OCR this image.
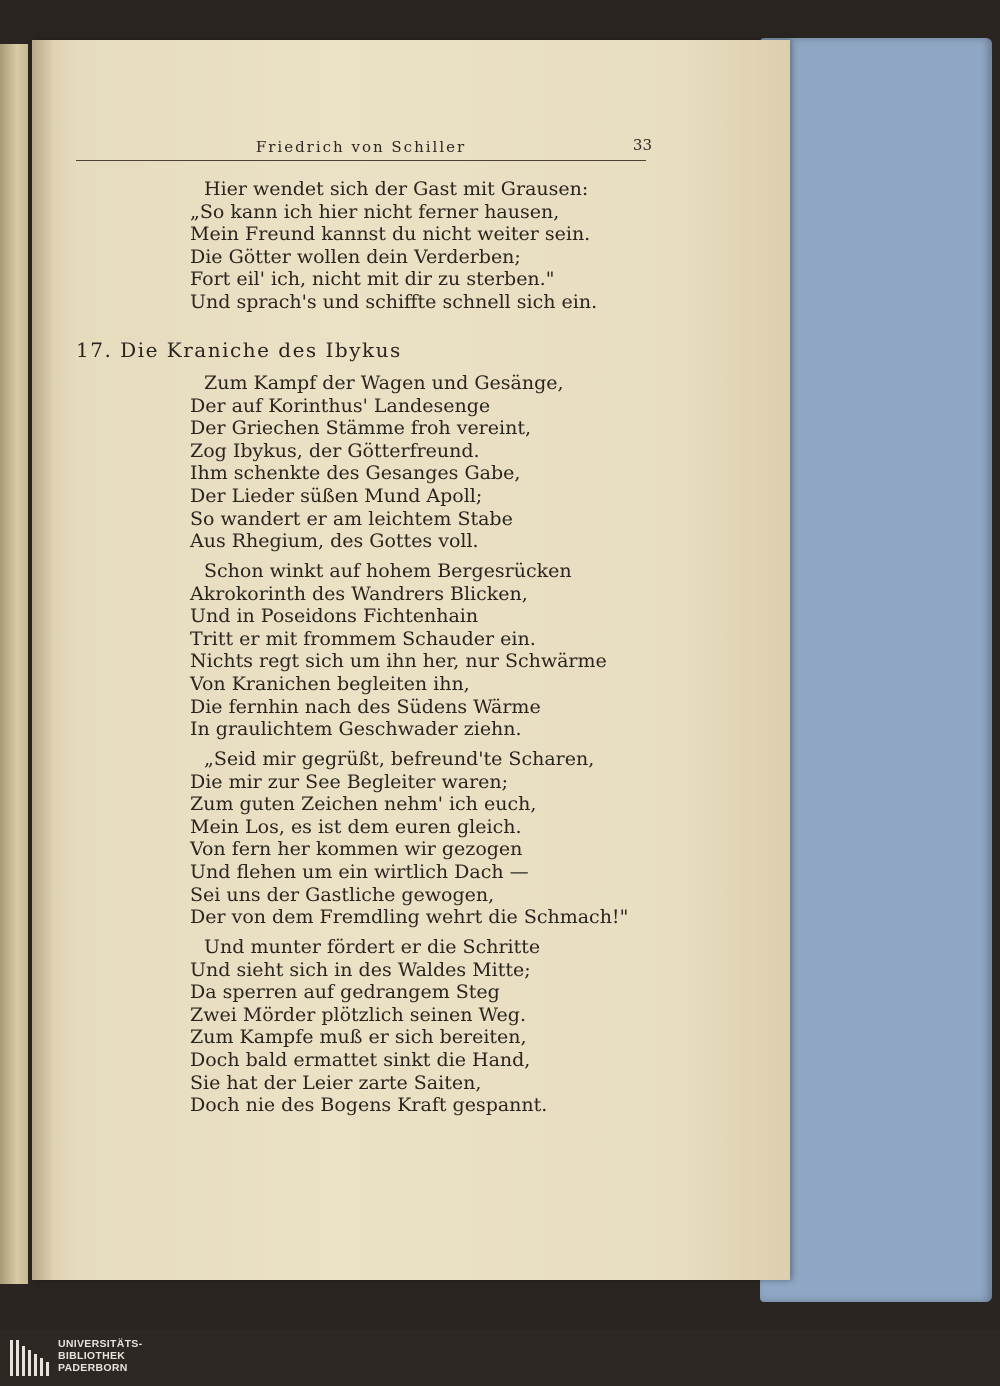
Friedrich von Schiller	33
Hier wendet sich der Gast mit Grausen:
„So kann ich hier nicht ferner hausen,
Mein Freund kannst du nicht weiter sein.
Die Götter wollen dein Verderben;
Fort eil' ich, nicht mit dir zu sterben."
Und sprach's und schiffte schnell sich ein.
17. Die Kraniche des Ibykus
Zum Kampf der Wagen und Gesänge,
Der auf Korinthus' Landesenge
Der Griechen Stämme froh vereint,
Zog Ibykus, der Götterfreund.
Ihm schenkte des Gesanges Gabe,
Der Lieder süßen Mund Apoll;
So wandert er am leichtem Stabe
Aus Rhegium, des Gottes voll.
Schon winkt auf hohem Bergesrücken
Akrokorinth des Wandrers Blicken,
Und in Poseidons Fichtenhain
Tritt er mit frommem Schauder ein.
Nichts regt sich um ihn her, nur Schwärme
Von Kranichen begleiten ihn,
Die fernhin nach des Südens Wärme
In graulichtem Geschwader ziehn.
„Seid mir gegrüßt, befreund'te Scharen,
Die mir zur See Begleiter waren;
Zum guten Zeichen nehm' ich euch,
Mein Los, es ist dem euren gleich.
Von fern her kommen wir gezogen
Und flehen um ein wirtlich Dach —
Sei uns der Gastliche gewogen,
Der von dem Fremdling wehrt die Schmach!"
Und munter fördert er die Schritte
Und sieht sich in des Waldes Mitte;
Da sperren auf gedrangem Steg
Zwei Mörder plötzlich seinen Weg.
Zum Kampfe muß er sich bereiten,
Doch bald ermattet sinkt die Hand,
Sie hat der Leier zarte Saiten,
Doch nie des Bogens Kraft gespannt.
UNIVERSITÄTS-
BIBLIOTHEK
PADERBORN
